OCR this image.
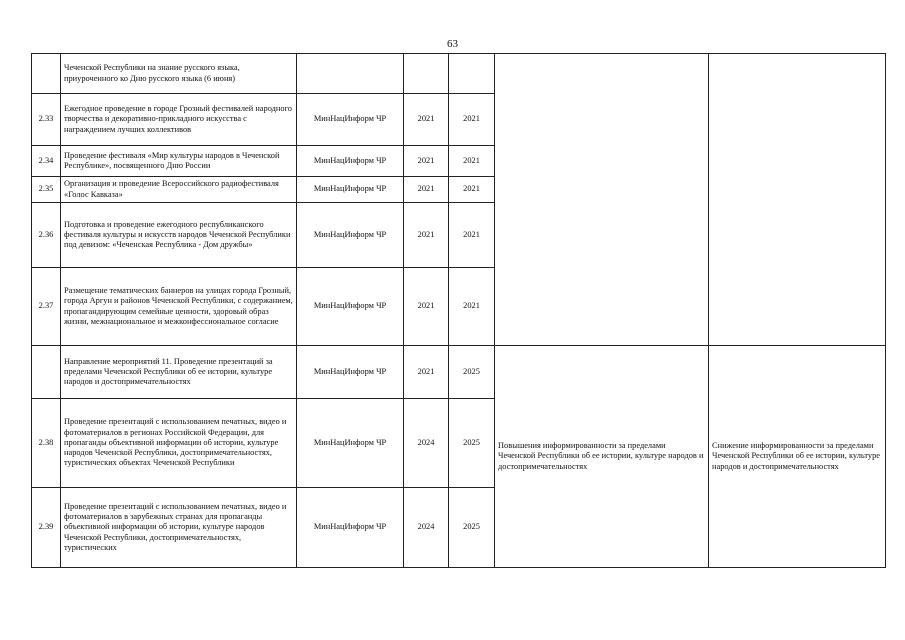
63
	Чеченской Республики на знание русского языка, приуроченного ко Дню русского языка (6 июня)					
2.33	Ежегодное проведение в городе Грозный фестивалей народного творчества и декоративно-прикладного искусства с награждением лучших коллективов	МинНацИнформ ЧР	2021	2021		
2.34	Проведение фестиваля «Мир культуры народов в Чеченской Республике», посвященного Дню России	МинНацИнформ ЧР	2021	2021		
2.35	Организация и проведение Всероссийского радиофестиваля «Голос Кавказа»	МинНацИнформ ЧР	2021	2021		
2.36	Подготовка и проведение ежегодного республиканского фестиваля культуры и искусств народов Чеченской Республики под девизом: «Чеченская Республика - Дом дружбы»	МинНацИнформ ЧР	2021	2021		
2.37	Размещение тематических баннеров на улицах города Грозный, города Аргун и районов Чеченской Республики, с содержанием, пропагандирующим семейные ценности, здоровый образ жизни, межнациональное и межконфессиональное согласие	МинНацИнформ ЧР	2021	2021		
	Направление мероприятий 11. Проведение презентаций за пределами Чеченской Республики об ее истории, культуре народов и достопримечательностях	МинНацИнформ ЧР	2021	2025	Повышения информированности за пределами Чеченской Республики об ее истории, культуре народов и достопримечательностях	Снижение информированности за пределами Чеченской Республики об ее истории, культуре народов и достопримечательностях
2.38	Проведение презентаций с использованием печатных, видео и фотоматериалов в регионах Российской Федерации, для пропаганды объективной информации об истории, культуре народов Чеченской Республики, достопримечательностях, туристических объектах Чеченской Республики	МинНацИнформ ЧР	2024	2025		
2.39	Проведение презентаций с использованием печатных, видео и фотоматериалов в зарубежных странах для пропаганды объективной информации об истории, культуре народов Чеченской Республики, достопримечательностях, туристических	МинНацИнформ ЧР	2024	2025		
